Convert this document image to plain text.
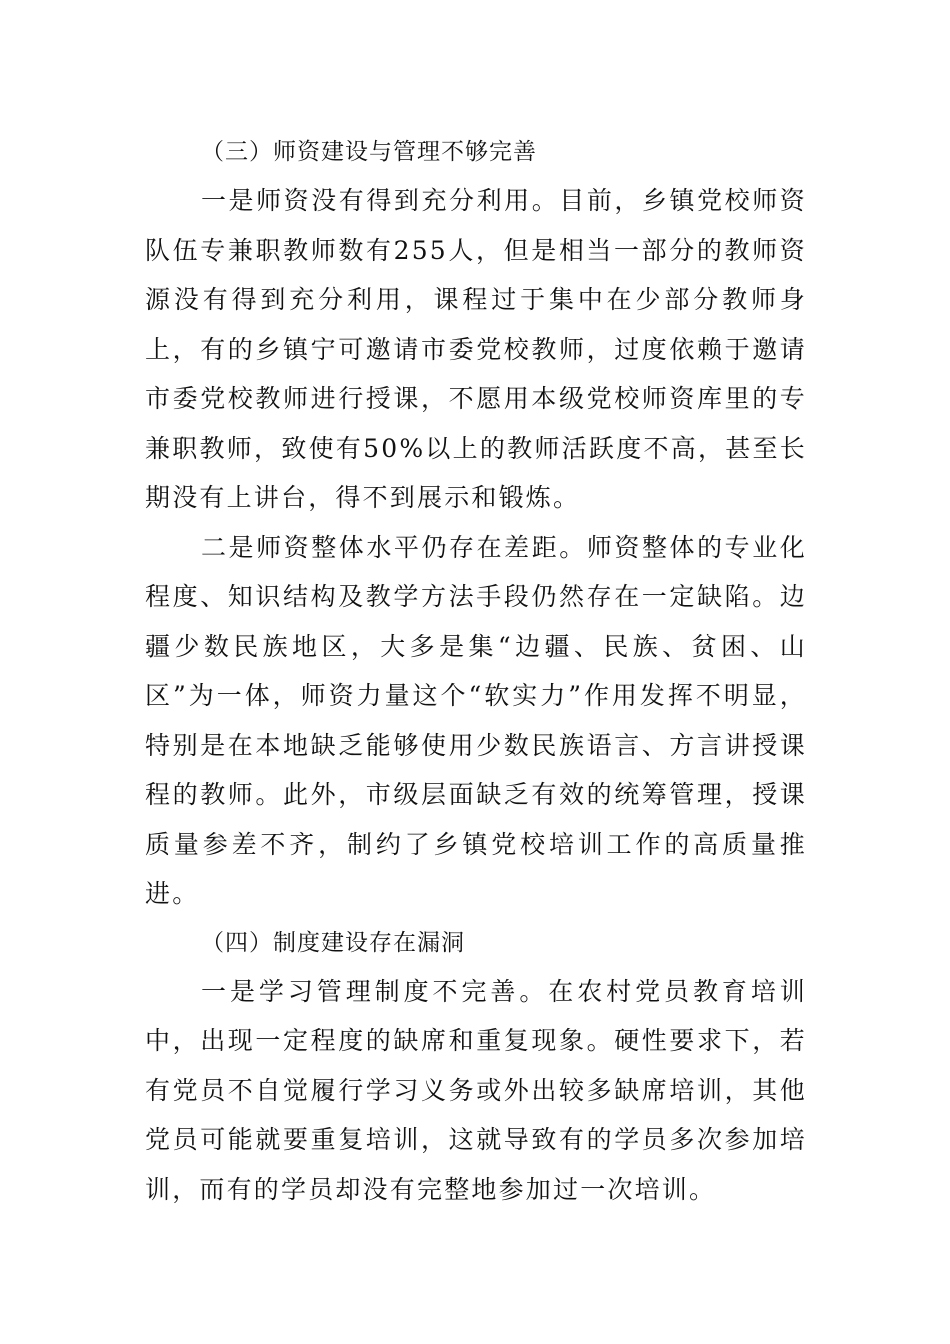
（三）师资建设与管理不够完善

一是师资没有得到充分利用。目前，乡镇党校师资队伍专兼职教师数有255人，但是相当一部分的教师资源没有得到充分利用，课程过于集中在少部分教师身上，有的乡镇宁可邀请市委党校教师，过度依赖于邀请市委党校教师进行授课，不愿用本级党校师资库里的专兼职教师，致使有50%以上的教师活跃度不高，甚至长期没有上讲台，得不到展示和锻炼。

二是师资整体水平仍存在差距。师资整体的专业化程度、知识结构及教学方法手段仍然存在一定缺陷。边疆少数民族地区，大多是集“边疆、民族、贫困、山区”为一体，师资力量这个“软实力”作用发挥不明显，特别是在本地缺乏能够使用少数民族语言、方言讲授课程的教师。此外，市级层面缺乏有效的统筹管理，授课质量参差不齐，制约了乡镇党校培训工作的高质量推进。

（四）制度建设存在漏洞

一是学习管理制度不完善。在农村党员教育培训中，出现一定程度的缺席和重复现象。硬性要求下，若有党员不自觉履行学习义务或外出较多缺席培训，其他党员可能就要重复培训，这就导致有的学员多次参加培训，而有的学员却没有完整地参加过一次培训。
